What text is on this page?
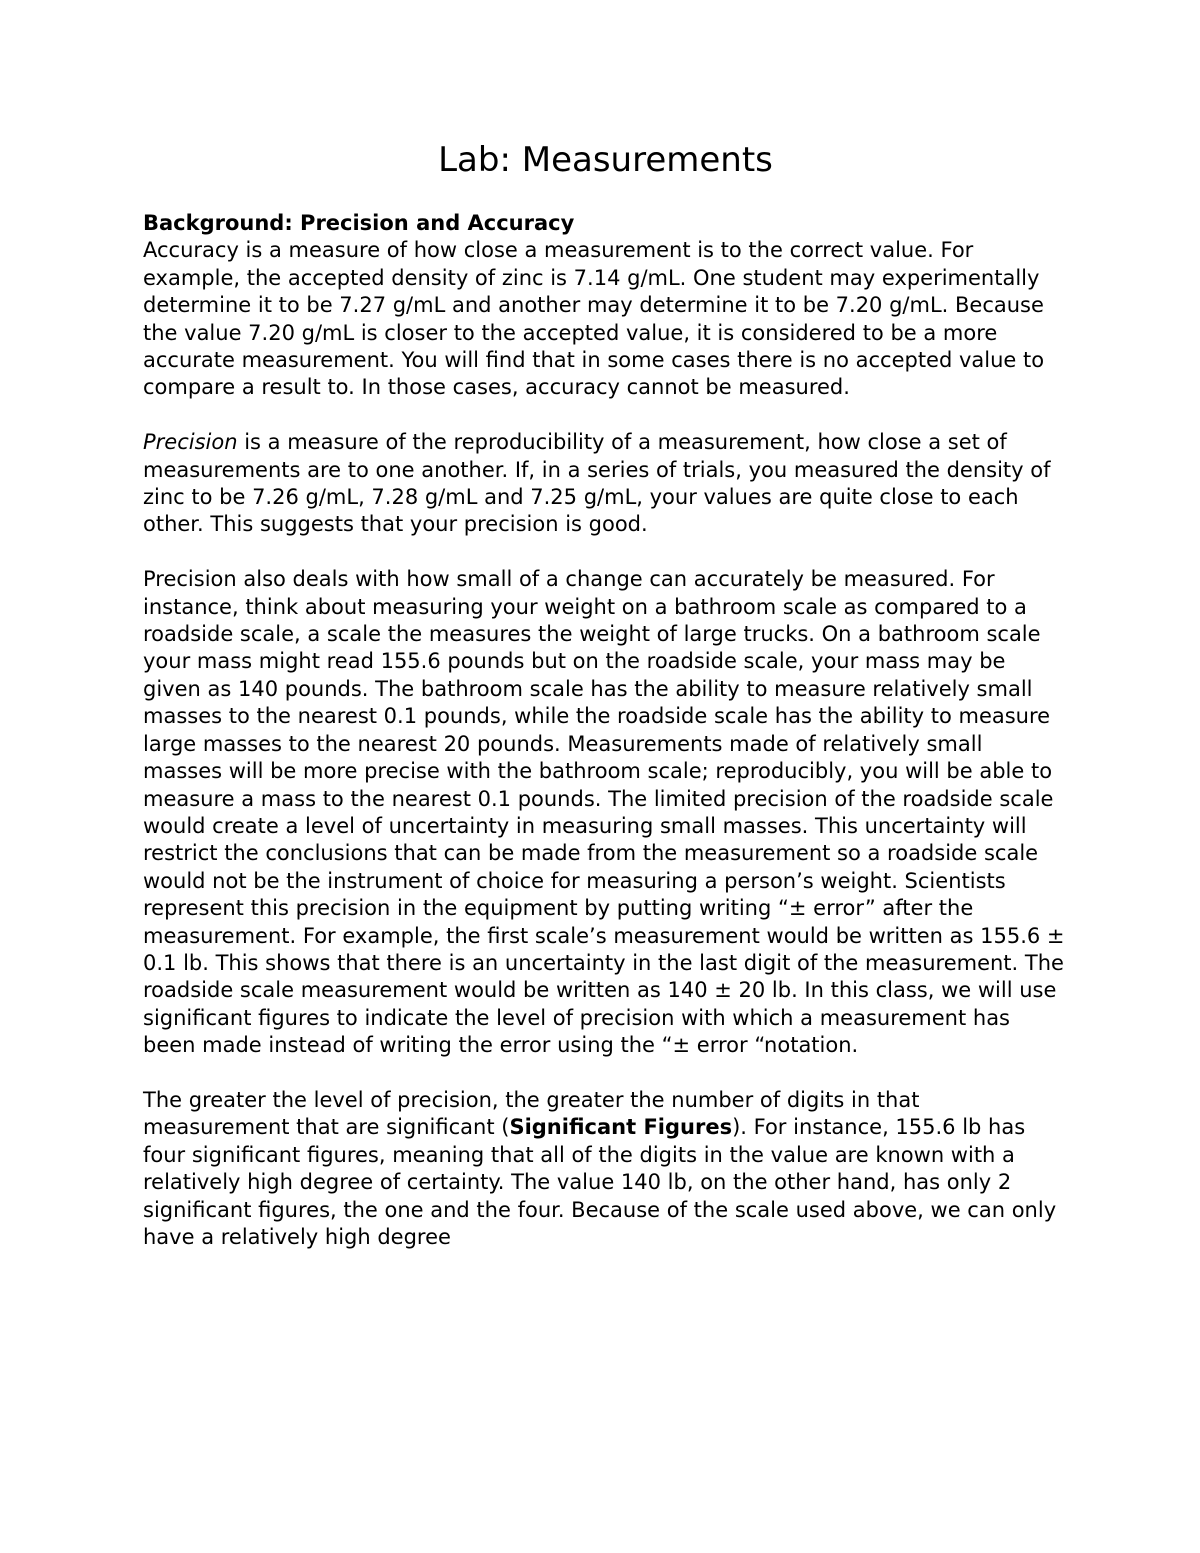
Lab: Measurements
Background: Precision and Accuracy

Accuracy is a measure of how close a measurement is to the correct value. For example, the accepted density of zinc is 7.14 g/mL. One student may experimentally determine it to be 7.27 g/mL and another may determine it to be 7.20 g/mL. Because the value 7.20 g/mL is closer to the accepted value, it is considered to be a more accurate measurement. You will find that in some cases there is no accepted value to compare a result to. In those cases, accuracy cannot be measured.

Precision is a measure of the reproducibility of a measurement, how close a set of measurements are to one another. If, in a series of trials, you measured the density of zinc to be 7.26 g/mL, 7.28 g/mL and 7.25 g/mL, your values are quite close to each other. This suggests that your precision is good.

Precision also deals with how small of a change can accurately be measured. For instance, think about measuring your weight on a bathroom scale as compared to a roadside scale, a scale the measures the weight of large trucks. On a bathroom scale your mass might read 155.6 pounds but on the roadside scale, your mass may be given as 140 pounds. The bathroom scale has the ability to measure relatively small masses to the nearest 0.1 pounds, while the roadside scale has the ability to measure large masses to the nearest 20 pounds. Measurements made of relatively small masses will be more precise with the bathroom scale; reproducibly, you will be able to measure a mass to the nearest 0.1 pounds. The limited precision of the roadside scale would create a level of uncertainty in measuring small masses. This uncertainty will restrict the conclusions that can be made from the measurement so a roadside scale would not be the instrument of choice for measuring a person’s weight. Scientists represent this precision in the equipment by putting writing “± error” after the measurement. For example, the first scale’s measurement would be written as 155.6 ± 0.1 lb. This shows that there is an uncertainty in the last digit of the measurement. The roadside scale measurement would be written as 140 ± 20 lb. In this class, we will use significant figures to indicate the level of precision with which a measurement has been made instead of writing the error using the “± error “notation.

The greater the level of precision, the greater the number of digits in that measurement that are significant (Significant Figures). For instance, 155.6 lb has four significant figures, meaning that all of the digits in the value are known with a relatively high degree of certainty. The value 140 lb, on the other hand, has only 2 significant figures, the one and the four. Because of the scale used above, we can only have a relatively high degree
